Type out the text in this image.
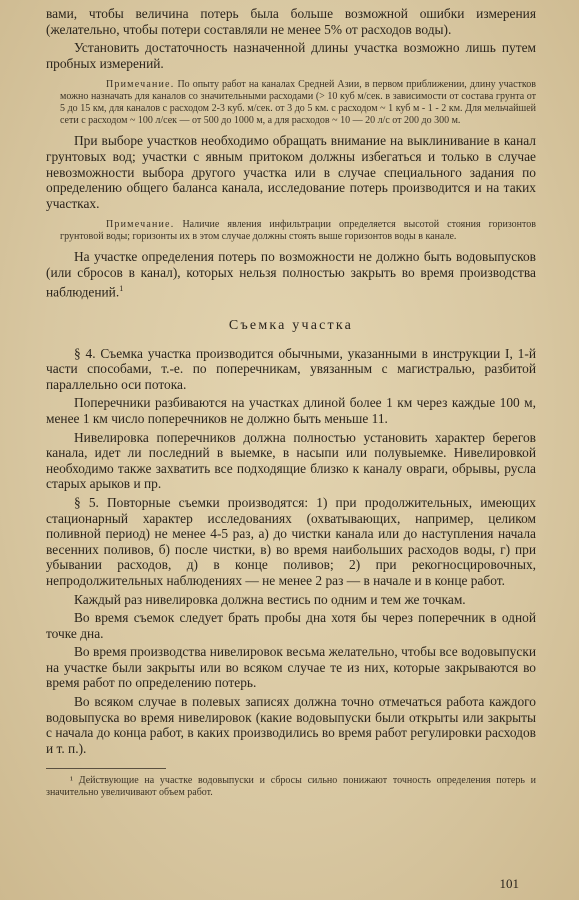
вами, чтобы величина потерь была больше возможной ошибки измерения (желательно, чтобы потери составляли не менее 5% от расходов воды).

Установить достаточность назначенной длины участка возможно лишь путем пробных измерений.

Примечание. По опыту работ на каналах Средней Азии, в первом приближении, длину участков можно назначать для каналов со значительными расходами (> 10 куб м/сек. в зависимости от состава грунта от 5 до 15 км, для каналов с расходом 2-3 куб. м/сек. от 3 до 5 км. с расходом ~ 1 куб м - 1 - 2 км. Для мельчайшей сети с расходом ~ 100 л/сек — от 500 до 1000 м, а для расходов ~ 10 — 20 л/с от 200 до 300 м.

При выборе участков необходимо обращать внимание на выклинивание в канал грунтовых вод; участки с явным притоком должны избегаться и только в случае невозможности выбора другого участка или в случае специального задания по определению общего баланса канала, исследование потерь производится и на таких участках.

Примечание. Наличие явления инфильтрации определяется высотой стояния горизонтов грунтовой воды; горизонты их в этом случае должны стоять выше горизонтов воды в канале.

На участке определения потерь по возможности не должно быть водовыпусков (или сбросов в канал), которых нельзя полностью закрыть во время производства наблюдений.$^1$

Съемка участка

§ 4. Съемка участка производится обычными, указанными в инструкции I, 1-й части способами, т.-е. по поперечникам, увязанным с магистралью, разбитой параллельно оси потока.

Поперечники разбиваются на участках длиной более 1 км через каждые 100 м, менее 1 км число поперечников не должно быть меньше 11.

Нивелировка поперечников должна полностью установить характер берегов канала, идет ли последний в выемке, в насыпи или полувыемке. Нивелировкой необходимо также захватить все подходящие близко к каналу овраги, обрывы, русла старых арыков и пр.

§ 5. Повторные съемки производятся: 1) при продолжительных, имеющих стационарный характер исследованиях (охватывающих, например, целиком поливной период) не менее 4-5 раз, а) до чистки канала или до наступления начала весенних поливов, б) после чистки, в) во время наибольших расходов воды, г) при убывании расходов, д) в конце поливов; 2) при рекогносцировочных, непродолжительных наблюдениях — не менее 2 раз — в начале и в конце работ.

Каждый раз нивелировка должна вестись по одним и тем же точкам.

Во время съемок следует брать пробы дна хотя бы через поперечник в одной точке дна.

Во время производства нивелировок весьма желательно, чтобы все водовыпуски на участке были закрыты или во всяком случае те из них, которые закрываются во время работ по определению потерь.

Во всяком случае в полевых записях должна точно отмечаться работа каждого водовыпуска во время нивелировок (какие водовыпуски были открыты или закрыты с начала до конца работ, в каких производились во время работ регулировки расходов и т. п.).

¹ Действующие на участке водовыпуски и сбросы сильно понижают точность определения потерь и значительно увеличивают объем работ.

101
